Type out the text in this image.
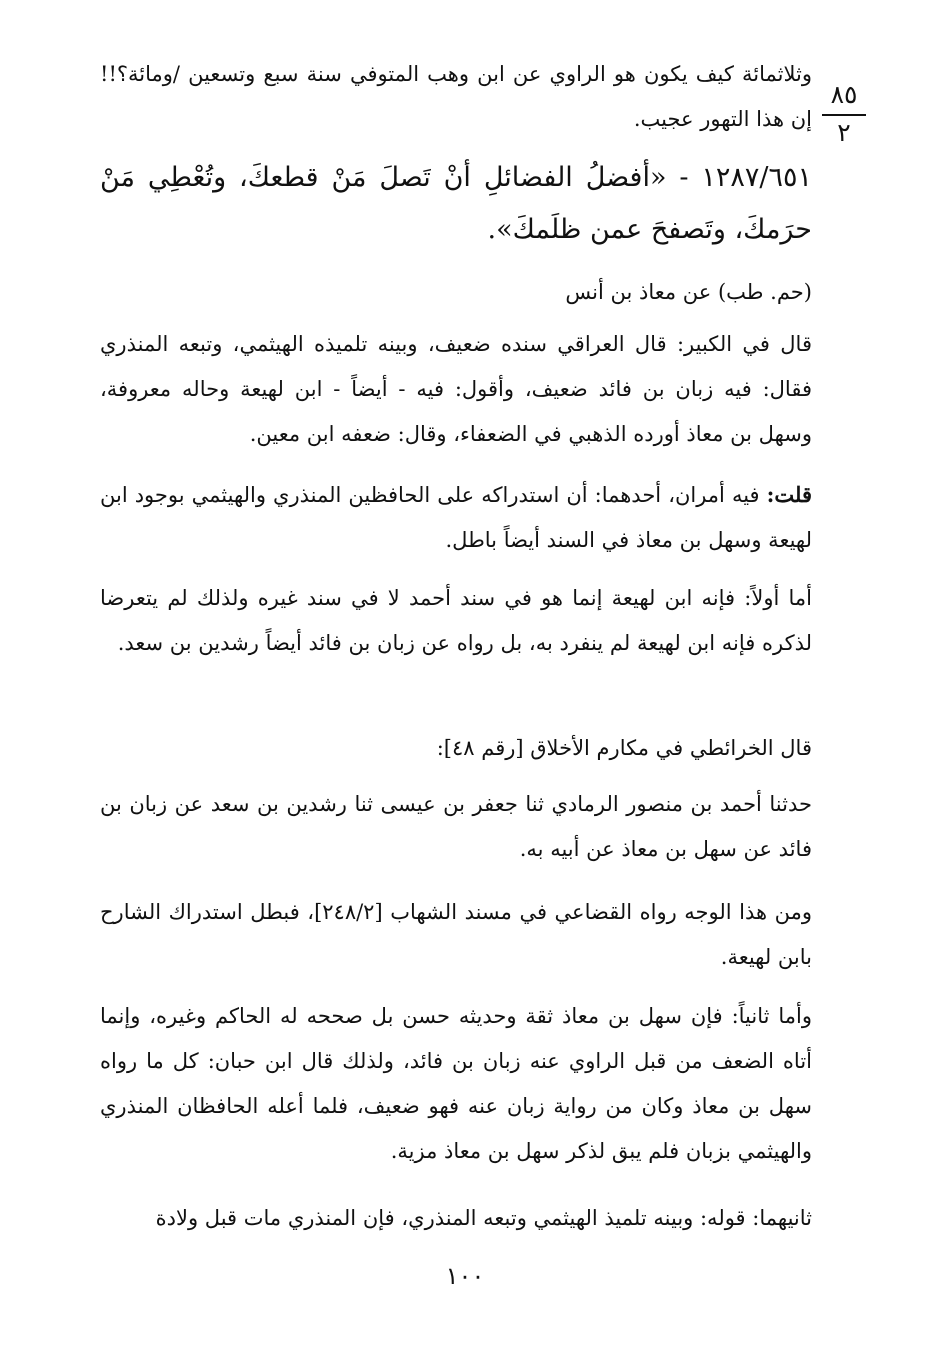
٨٥
٢

وثلاثمائة كيف يكون هو الراوي عن ابن وهب المتوفي سنة سبع وتسعين /ومائة؟!! إن هذا التهور عجيب.

١٢٨٧/٦٥١ - «أفضلُ الفضائلِ أنْ تَصلَ مَنْ قطعكَ، وتُعْطِي مَنْ حرَمكَ، وتَصفحَ عمن ظلَمكَ».

(حم. طب) عن معاذ بن أنس

قال في الكبير: قال العراقي سنده ضعيف، وبينه تلميذه الهيثمي، وتبعه المنذري فقال: فيه زبان بن فائد ضعيف، وأقول: فيه - أيضاً - ابن لهيعة وحاله معروفة، وسهل بن معاذ أورده الذهبي في الضعفاء، وقال: ضعفه ابن معين.

قلت: فيه أمران، أحدهما: أن استدراكه على الحافظين المنذري والهيثمي بوجود ابن لهيعة وسهل بن معاذ في السند أيضاً باطل.

أما أولاً: فإنه ابن لهيعة إنما هو في سند أحمد لا في سند غيره ولذلك لم يتعرضا لذكره فإنه ابن لهيعة لم ينفرد به، بل رواه عن زبان بن فائد أيضاً رشدين بن سعد.

قال الخرائطي في مكارم الأخلاق [رقم ٤٨]:

حدثنا أحمد بن منصور الرمادي ثنا جعفر بن عيسى ثنا رشدين بن سعد عن زبان بن فائد عن سهل بن معاذ عن أبيه به.

ومن هذا الوجه رواه القضاعي في مسند الشهاب [٢٤٨/٢]، فبطل استدراك الشارح بابن لهيعة.

وأما ثانياً: فإن سهل بن معاذ ثقة وحديثه حسن بل صححه له الحاكم وغيره، وإنما أتاه الضعف من قبل الراوي عنه زبان بن فائد، ولذلك قال ابن حبان: كل ما رواه سهل بن معاذ وكان من رواية زبان عنه فهو ضعيف، فلما أعله الحافظان المنذري والهيثمي بزبان فلم يبق لذكر سهل بن معاذ مزية.

ثانيهما: قوله: وبينه تلميذ الهيثمي وتبعه المنذري، فإن المنذري مات قبل ولادة

١٠٠
